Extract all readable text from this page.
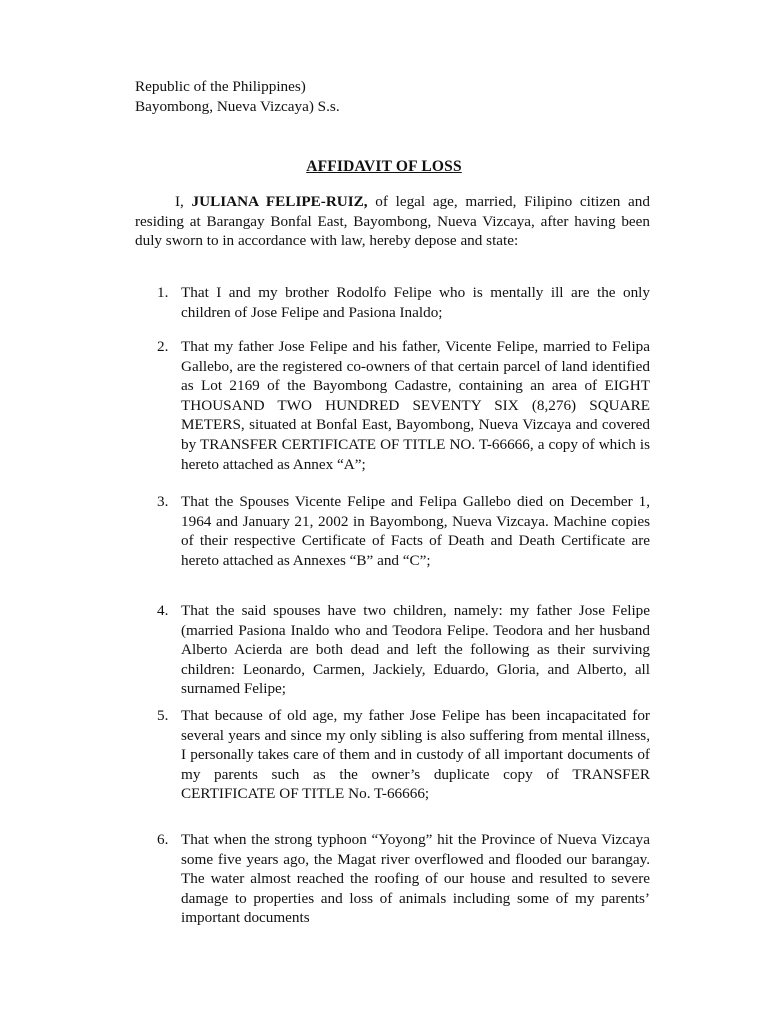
Republic of the Philippines)
Bayombong, Nueva Vizcaya) S.s.
AFFIDAVIT OF LOSS

I, JULIANA FELIPE-RUIZ, of legal age, married, Filipino citizen and residing at Barangay Bonfal East, Bayombong, Nueva Vizcaya, after having been duly sworn to in accordance with law, hereby depose and state:

1. That I and my brother Rodolfo Felipe who is mentally ill are the only children of Jose Felipe and Pasiona Inaldo;
2. That my father Jose Felipe and his father, Vicente Felipe, married to Felipa Gallebo, are the registered co-owners of that certain parcel of land identified as Lot 2169 of the Bayombong Cadastre, containing an area of EIGHT THOUSAND TWO HUNDRED SEVENTY SIX (8,276) SQUARE METERS, situated at Bonfal East, Bayombong, Nueva Vizcaya and covered by TRANSFER CERTIFICATE OF TITLE NO. T-66666, a copy of which is hereto attached as Annex “A”;
3. That the Spouses Vicente Felipe and Felipa Gallebo died on December 1, 1964 and January 21, 2002 in Bayombong, Nueva Vizcaya. Machine copies of their respective Certificate of Facts of Death and Death Certificate are hereto attached as Annexes “B” and “C”;
4. That the said spouses have two children, namely: my father Jose Felipe (married Pasiona Inaldo who and Teodora Felipe. Teodora and her husband Alberto Acierda are both dead and left the following as their surviving children: Leonardo, Carmen, Jackiely, Eduardo, Gloria, and Alberto, all surnamed Felipe;
5. That because of old age, my father Jose Felipe has been incapacitated for several years and since my only sibling is also suffering from mental illness, I personally takes care of them and in custody of all important documents of my parents such as the owner’s duplicate copy of TRANSFER CERTIFICATE OF TITLE No. T-66666;
6. That when the strong typhoon “Yoyong” hit the Province of Nueva Vizcaya some five years ago, the Magat river overflowed and flooded our barangay. The water almost reached the roofing of our house and resulted to severe damage to properties and loss of animals including some of my parents’ important documents
